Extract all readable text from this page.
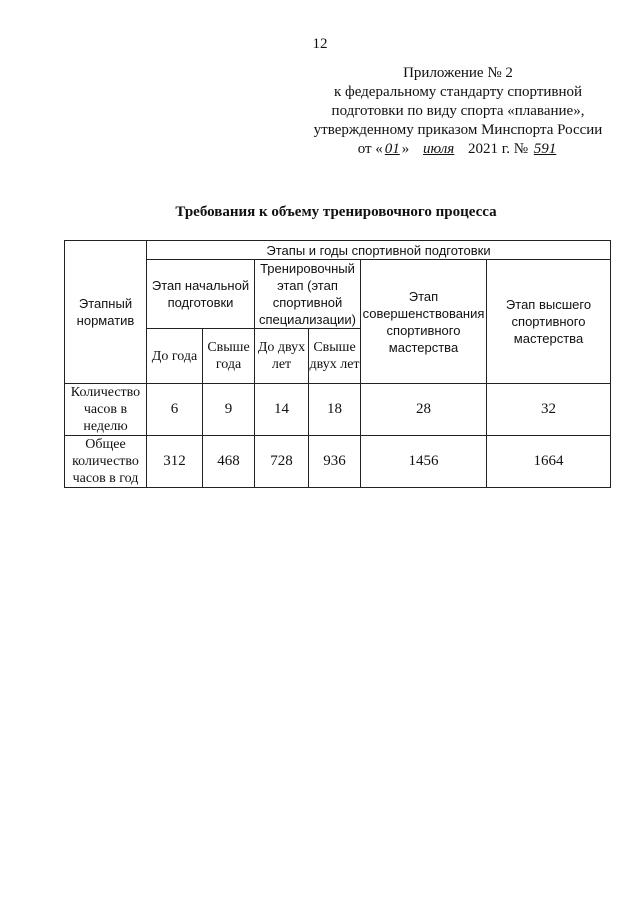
12
Приложение № 2
к федеральному стандарту спортивной
подготовки по виду спорта «плавание»,
утвержденному приказом Минспорта России
от « 01 » июля 2021 г. № 591
Требования к объему тренировочного процесса
Этапный норматив	Этапы и годы спортивной подготовки					
	Этап начальной подготовки		Тренировочный этап (этап спортивной специализации)		Этап совершенствования спортивного мастерства	Этап высшего спортивного мастерства
	До года	Свыше года	До двух лет	Свыше двух лет		
Количество часов в неделю	6	9	14	18	28	32
Общее количество часов в год	312	468	728	936	1456	1664
